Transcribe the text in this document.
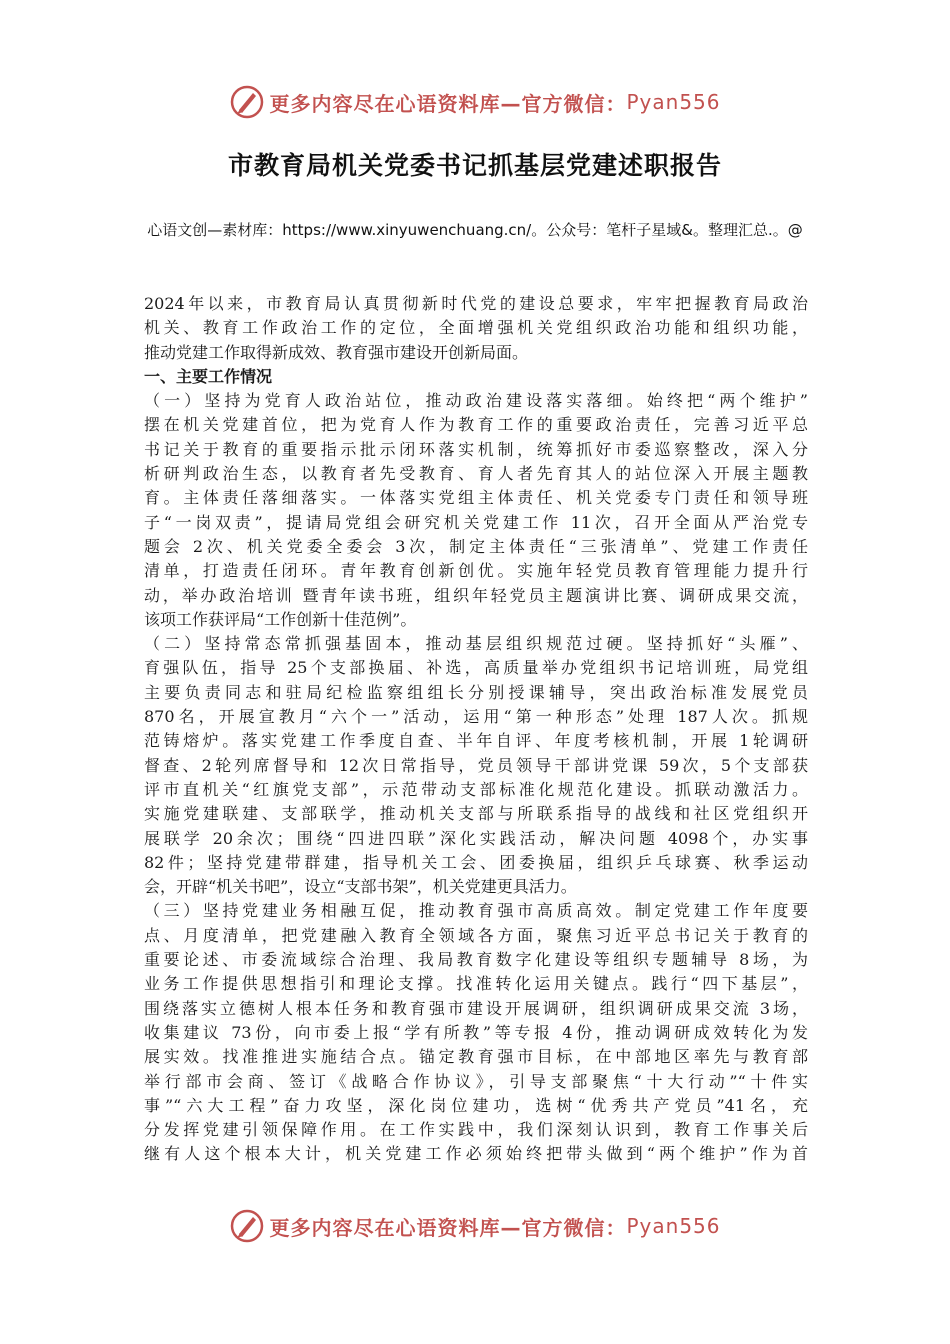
更多内容尽在心语资料库—官方微信： Pyan556
市教育局机关党委书记抓基层党建述职报告
心语文创—素材库：https://www.xinyuwenchuang.cn/。公众号：笔杆子星域&。整理汇总.。@
2024年以来，市教育局认真贯彻新时代党的建设总要求，牢牢把握教育局政治
机关、教育工作政治工作的定位，全面增强机关党组织政治功能和组织功能，
推动党建工作取得新成效、教育强市建设开创新局面。
一、主要工作情况
（一）坚持为党育人政治站位，推动政治建设落实落细。始终把“两个维护”
摆在机关党建首位，把为党育人作为教育工作的重要政治责任，完善习近平总
书记关于教育的重要指示批示闭环落实机制，统筹抓好市委巡察整改，深入分
析研判政治生态，以教育者先受教育、育人者先育其人的站位深入开展主题教
育。主体责任落细落实。一体落实党组主体责任、机关党委专门责任和领导班
子“一岗双责”，提请局党组会研究机关党建工作 11次，召开全面从严治党专
题会 2次、机关党委全委会 3次，制定主体责任“三张清单”、党建工作责任
清单，打造责任闭环。青年教育创新创优。实施年轻党员教育管理能力提升行
动，举办政治培训 暨青年读书班，组织年轻党员主题演讲比赛、调研成果交流，
该项工作获评局“工作创新十佳范例”。
（二）坚持常态常抓强基固本，推动基层组织规范过硬。坚持抓好“头雁”、
育强队伍，指导 25个支部换届、补选，高质量举办党组织书记培训班，局党组
主要负责同志和驻局纪检监察组组长分别授课辅导，突出政治标准发展党员
870名，开展宣教月“六个一”活动，运用“第一种形态”处理 187人次。抓规
范铸熔炉。落实党建工作季度自查、半年自评、年度考核机制，开展 1轮调研
督查、2轮列席督导和 12次日常指导，党员领导干部讲党课 59次，5个支部获
评市直机关“红旗党支部”，示范带动支部标准化规范化建设。抓联动激活力。
实施党建联建、支部联学，推动机关支部与所联系指导的战线和社区党组织开
展联学 20余次；围绕“四进四联”深化实践活动，解决问题 4098个，办实事
82件；坚持党建带群建，指导机关工会、团委换届，组织乒乓球赛、秋季运动
会，开辟“机关书吧”，设立“支部书架”，机关党建更具活力。
（三）坚持党建业务相融互促，推动教育强市高质高效。制定党建工作年度要
点、月度清单，把党建融入教育全领域各方面，聚焦习近平总书记关于教育的
重要论述、市委流域综合治理、我局教育数字化建设等组织专题辅导 8场，为
业务工作提供思想指引和理论支撑。找准转化运用关键点。践行“四下基层”，
围绕落实立德树人根本任务和教育强市建设开展调研，组织调研成果交流 3场，
收集建议 73份，向市委上报“学有所教”等专报 4份，推动调研成效转化为发
展实效。找准推进实施结合点。锚定教育强市目标，在中部地区率先与教育部
举行部市会商、签订《战略合作协议》，引导支部聚焦“十大行动”“十件实
事”“六大工程”奋力攻坚，深化岗位建功，选树“优秀共产党员”41名，充
分发挥党建引领保障作用。在工作实践中，我们深刻认识到，教育工作事关后
继有人这个根本大计，机关党建工作必须始终把带头做到“两个维护”作为首
更多内容尽在心语资料库—官方微信： Pyan556
